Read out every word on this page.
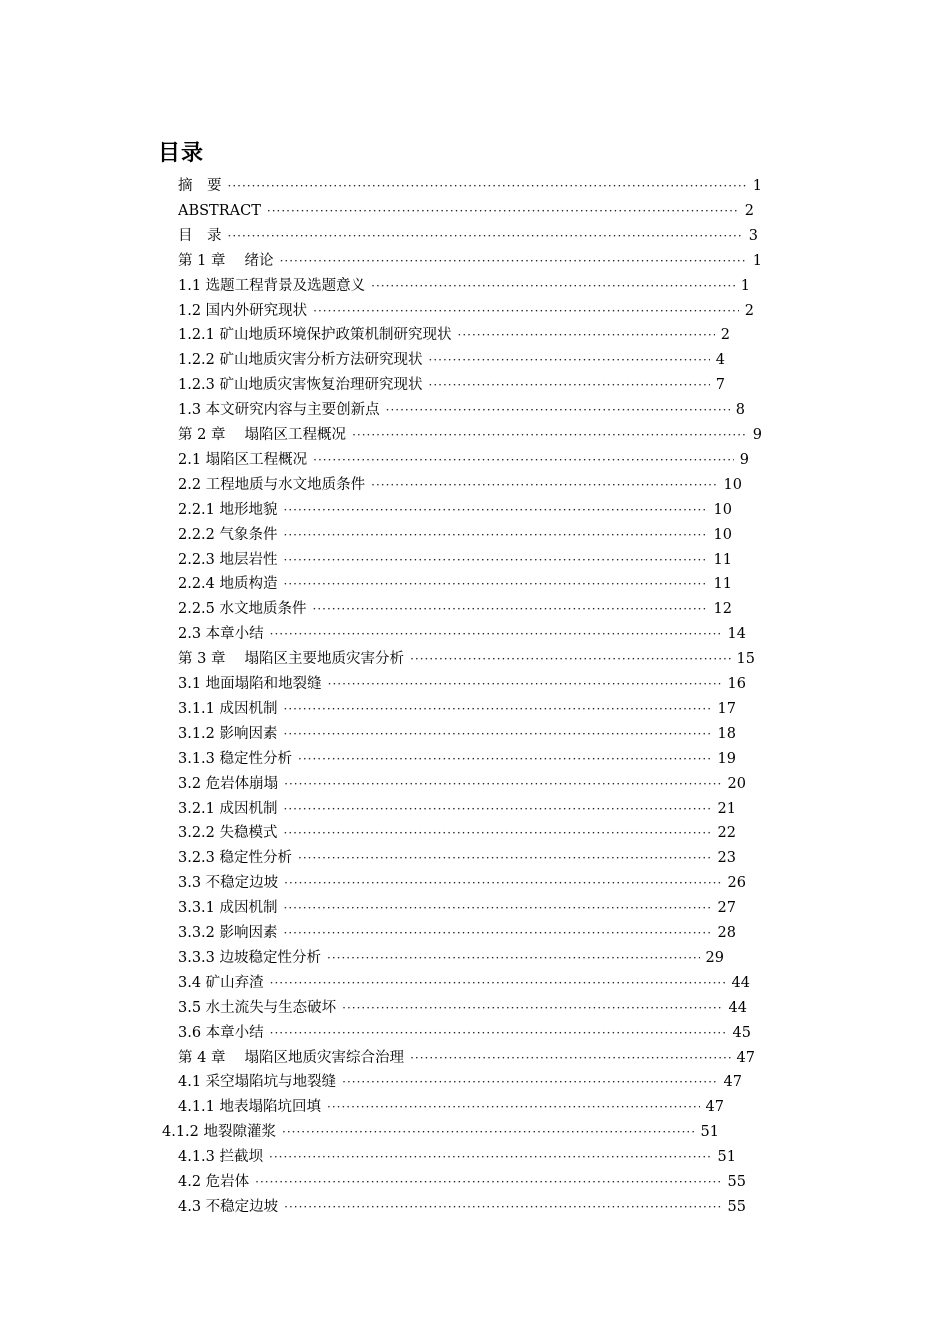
目录
摘　要 ·····	1
ABSTRACT ·····	2
目　录 ·····	3
第 1 章　 绪论 ·····	1
1.1 选题工程背景及选题意义 ·····	1
1.2 国内外研究现状 ·····	2
1.2.1 矿山地质环境保护政策机制研究现状 ·····	2
1.2.2 矿山地质灾害分析方法研究现状 ·····	4
1.2.3 矿山地质灾害恢复治理研究现状 ·····	7
1.3 本文研究内容与主要创新点 ·····	8
第 2 章　 塌陷区工程概况 ·····	9
2.1 塌陷区工程概况 ·····	9
2.2 工程地质与水文地质条件 ·····	10
2.2.1 地形地貌 ·····	10
2.2.2 气象条件 ·····	10
2.2.3 地层岩性 ·····	11
2.2.4 地质构造 ·····	11
2.2.5 水文地质条件 ·····	12
2.3 本章小结 ·····	14
第 3 章　 塌陷区主要地质灾害分析 ·····	15
3.1 地面塌陷和地裂缝 ·····	16
3.1.1 成因机制 ·····	17
3.1.2 影响因素 ·····	18
3.1.3 稳定性分析 ·····	19
3.2 危岩体崩塌 ·····	20
3.2.1 成因机制 ·····	21
3.2.2 失稳模式 ·····	22
3.2.3 稳定性分析 ·····	23
3.3 不稳定边坡 ·····	26
3.3.1 成因机制 ·····	27
3.3.2 影响因素 ·····	28
3.3.3 边坡稳定性分析 ·····	29
3.4 矿山弃渣 ·····	44
3.5 水土流失与生态破坏 ·····	44
3.6 本章小结 ·····	45
第 4 章　 塌陷区地质灾害综合治理 ·····	47
4.1 采空塌陷坑与地裂缝 ·····	47
4.1.1 地表塌陷坑回填 ·····	47
4.1.2 地裂隙灌浆 ·····	51
4.1.3 拦截坝 ·····	51
4.2 危岩体 ·····	55
4.3 不稳定边坡 ·····	55
